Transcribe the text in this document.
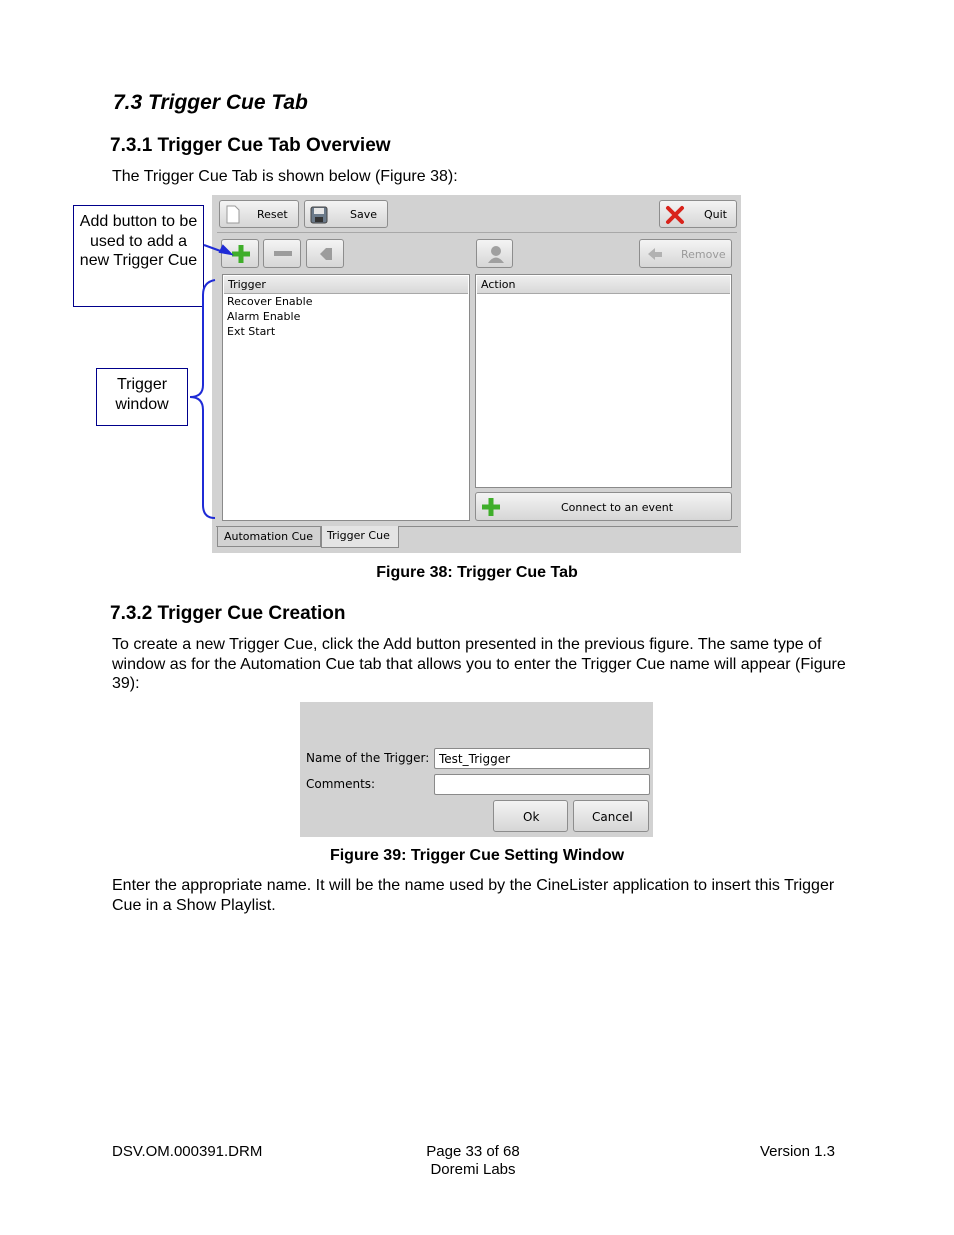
7.3 Trigger Cue Tab
7.3.1 Trigger Cue Tab Overview
The Trigger Cue Tab is shown below (Figure 38):
Reset	Save	Quit
Remove
Trigger
Recover Enable
Alarm Enable
Ext Start
Action
Connect to an event
Automation Cue Trigger Cue
Add button to be used to add a new Trigger Cue
Trigger window
Figure 38: Trigger Cue Tab
7.3.2 Trigger Cue Creation
To create a new Trigger Cue, click the Add button presented in the previous figure. The same type of window as for the Automation Cue tab that allows you to enter the Trigger Cue name will appear (Figure 39):
Name of the Trigger: Test_Trigger
Comments:
Ok	Cancel
Figure 39: Trigger Cue Setting Window
Enter the appropriate name. It will be the name used by the CineLister application to insert this Trigger Cue in a Show Playlist.
DSV.OM.000391.DRM	Page 33 of 68
Doremi Labs
Version 1.3
